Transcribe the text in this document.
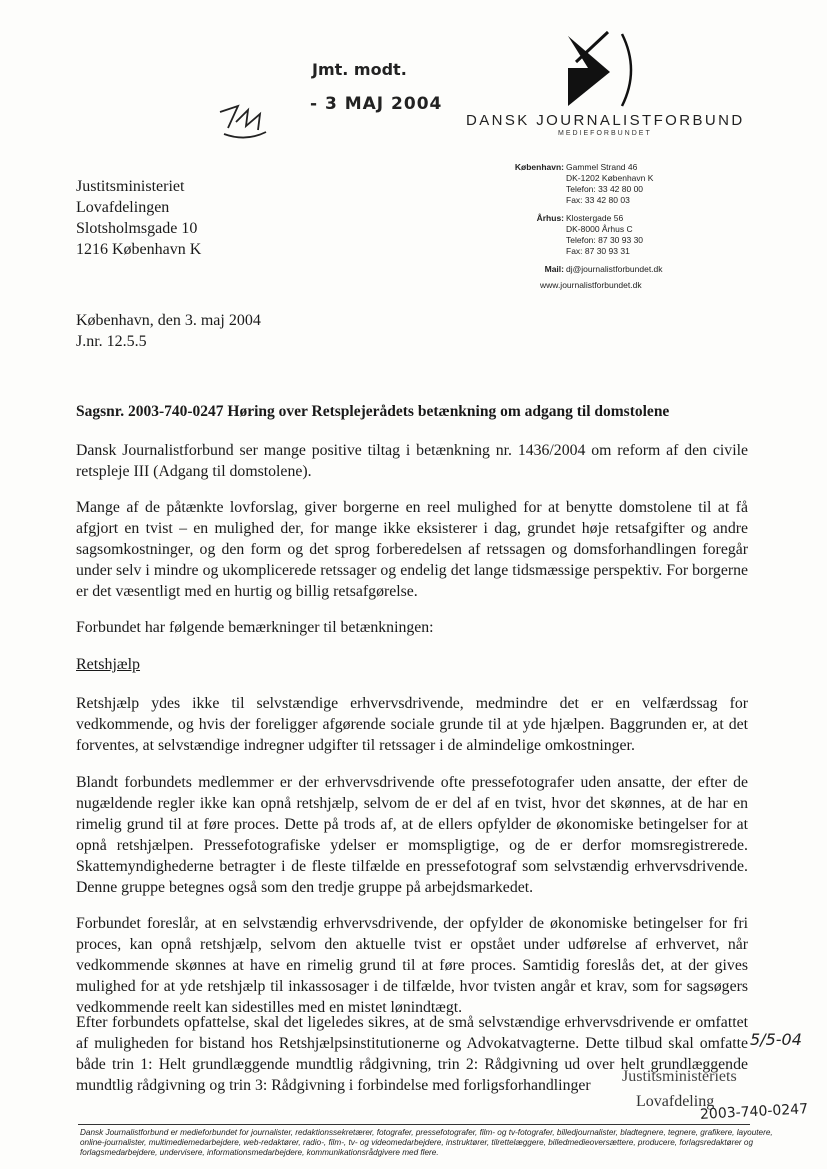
Jmt. modt.
- 3 MAJ 2004
DANSK JOURNALISTFORBUND
MEDIEFORBUNDET
København: Gammel Strand 46
DK-1202 København K
Telefon: 33 42 80 00
Fax: 33 42 80 03
Århus: Klostergade 56
DK-8000 Århus C
Telefon: 87 30 93 30
Fax: 87 30 93 31
Mail: dj@journalistforbundet.dk
www.journalistforbundet.dk
Justitsministeriet
Lovafdelingen
Slotsholmsgade 10
1216 København K
København, den 3. maj 2004
J.nr. 12.5.5
Sagsnr. 2003-740-0247 Høring over Retsplejerådets betænkning om adgang til domstolene
Dansk Journalistforbund ser mange positive tiltag i betænkning nr. 1436/2004 om reform af den civile retspleje III (Adgang til domstolene).
Mange af de påtænkte lovforslag, giver borgerne en reel mulighed for at benytte domstolene til at få afgjort en tvist – en mulighed der, for mange ikke eksisterer i dag, grundet høje retsafgifter og andre sagsomkostninger, og den form og det sprog forberedelsen af retssagen og domsforhandlingen foregår under selv i mindre og ukomplicerede retssager og endelig det lange tidsmæssige perspektiv. For borgerne er det væsentligt med en hurtig og billig retsafgørelse.
Forbundet har følgende bemærkninger til betænkningen:
Retshjælp
Retshjælp ydes ikke til selvstændige erhvervsdrivende, medmindre det er en velfærdssag for vedkommende, og hvis der foreligger afgørende sociale grunde til at yde hjælpen. Baggrunden er, at det forventes, at selvstændige indregner udgifter til retssager i de almindelige omkostninger.
Blandt forbundets medlemmer er der erhvervsdrivende ofte pressefotografer uden ansatte, der efter de nugældende regler ikke kan opnå retshjælp, selvom de er del af en tvist, hvor det skønnes, at de har en rimelig grund til at føre proces. Dette på trods af, at de ellers opfylder de økonomiske betingelser for at opnå retshjælpen. Pressefotografiske ydelser er momspligtige, og de er derfor momsregistrerede. Skattemyndighederne betragter i de fleste tilfælde en pressefotograf som selvstændig erhvervsdrivende. Denne gruppe betegnes også som den tredje gruppe på arbejdsmarkedet.
Forbundet foreslår, at en selvstændig erhvervsdrivende, der opfylder de økonomiske betingelser for fri proces, kan opnå retshjælp, selvom den aktuelle tvist er opstået under udførelse af erhvervet, når vedkommende skønnes at have en rimelig grund til at føre proces. Samtidig foreslås det, at der gives mulighed for at yde retshjælp til inkassosager i de tilfælde, hvor tvisten angår et krav, som for sagsøgers vedkommende reelt kan sidestilles med en mistet lønindtægt.
Efter forbundets opfattelse, skal det ligeledes sikres, at de små selvstændige erhvervsdrivende er omfattet af muligheden for bistand hos Retshjælpsinstitutionerne og Advokatvagterne. Dette tilbud skal omfatte både trin 1: Helt grundlæggende mundtlig rådgivning, trin 2: Rådgivning ud over helt grundlæggende mundtlig rådgivning og trin 3: Rådgivning i forbindelse med forligsforhandlinger
5/5-04
Justitsministeriets
Lovafdeling
2003-740-0247
Dansk Journalistforbund er medieforbundet for journalister, redaktionssekretærer, fotografer, pressefotografer, film- og tv-fotografer, billedjournalister, bladtegnere, tegnere, grafikere, layoutere, online-journalister, multimediemedarbejdere, web-redaktører, radio-, film-, tv- og videomedarbejdere, instruktører, tilrettelæggere, billedmedieoversættere, producere, forlagsredaktører og forlagsmedarbejdere, undervisere, informationsmedarbejdere, kommunikationsrådgivere med flere.
